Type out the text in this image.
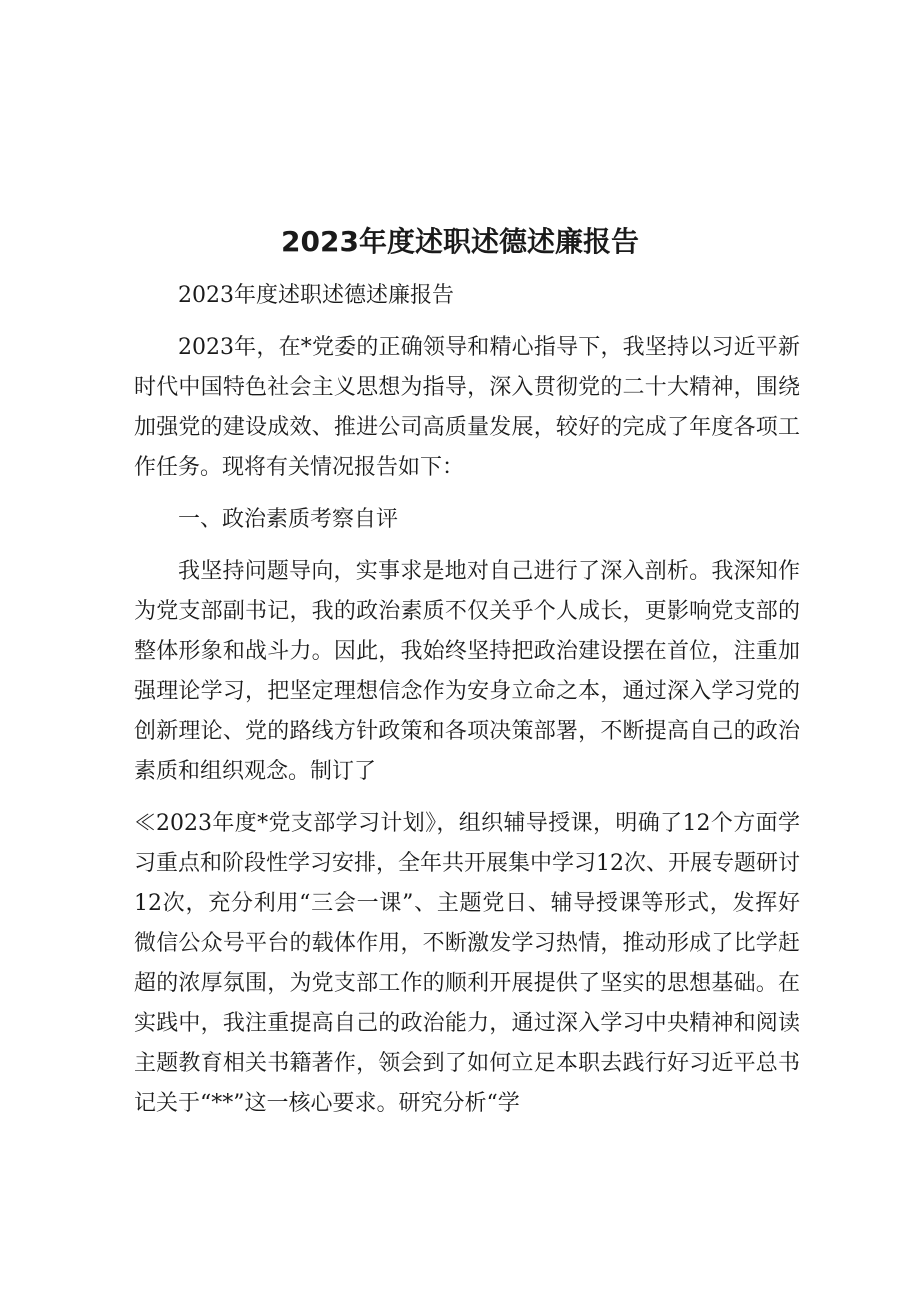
2023年度述职述德述廉报告

2023年度述职述德述廉报告

2023年，在*党委的正确领导和精心指导下，我坚持以习近平新时代中国特色社会主义思想为指导，深入贯彻党的二十大精神，围绕加强党的建设成效、推进公司高质量发展，较好的完成了年度各项工作任务。现将有关情况报告如下：

一、政治素质考察自评

我坚持问题导向，实事求是地对自己进行了深入剖析。我深知作为党支部副书记，我的政治素质不仅关乎个人成长，更影响党支部的整体形象和战斗力。因此，我始终坚持把政治建设摆在首位，注重加强理论学习，把坚定理想信念作为安身立命之本，通过深入学习党的创新理论、党的路线方针政策和各项决策部署，不断提高自己的政治素质和组织观念。制订了

≪2023年度*党支部学习计划》，组织辅导授课，明确了12个方面学习重点和阶段性学习安排，全年共开展集中学习12次、开展专题研讨12次，充分利用“三会一课”、主题党日、辅导授课等形式，发挥好微信公众号平台的载体作用，不断激发学习热情，推动形成了比学赶超的浓厚氛围，为党支部工作的顺利开展提供了坚实的思想基础。在实践中，我注重提高自己的政治能力，通过深入学习中央精神和阅读主题教育相关书籍著作，领会到了如何立足本职去践行好习近平总书记关于“**”这一核心要求。研究分析“学
